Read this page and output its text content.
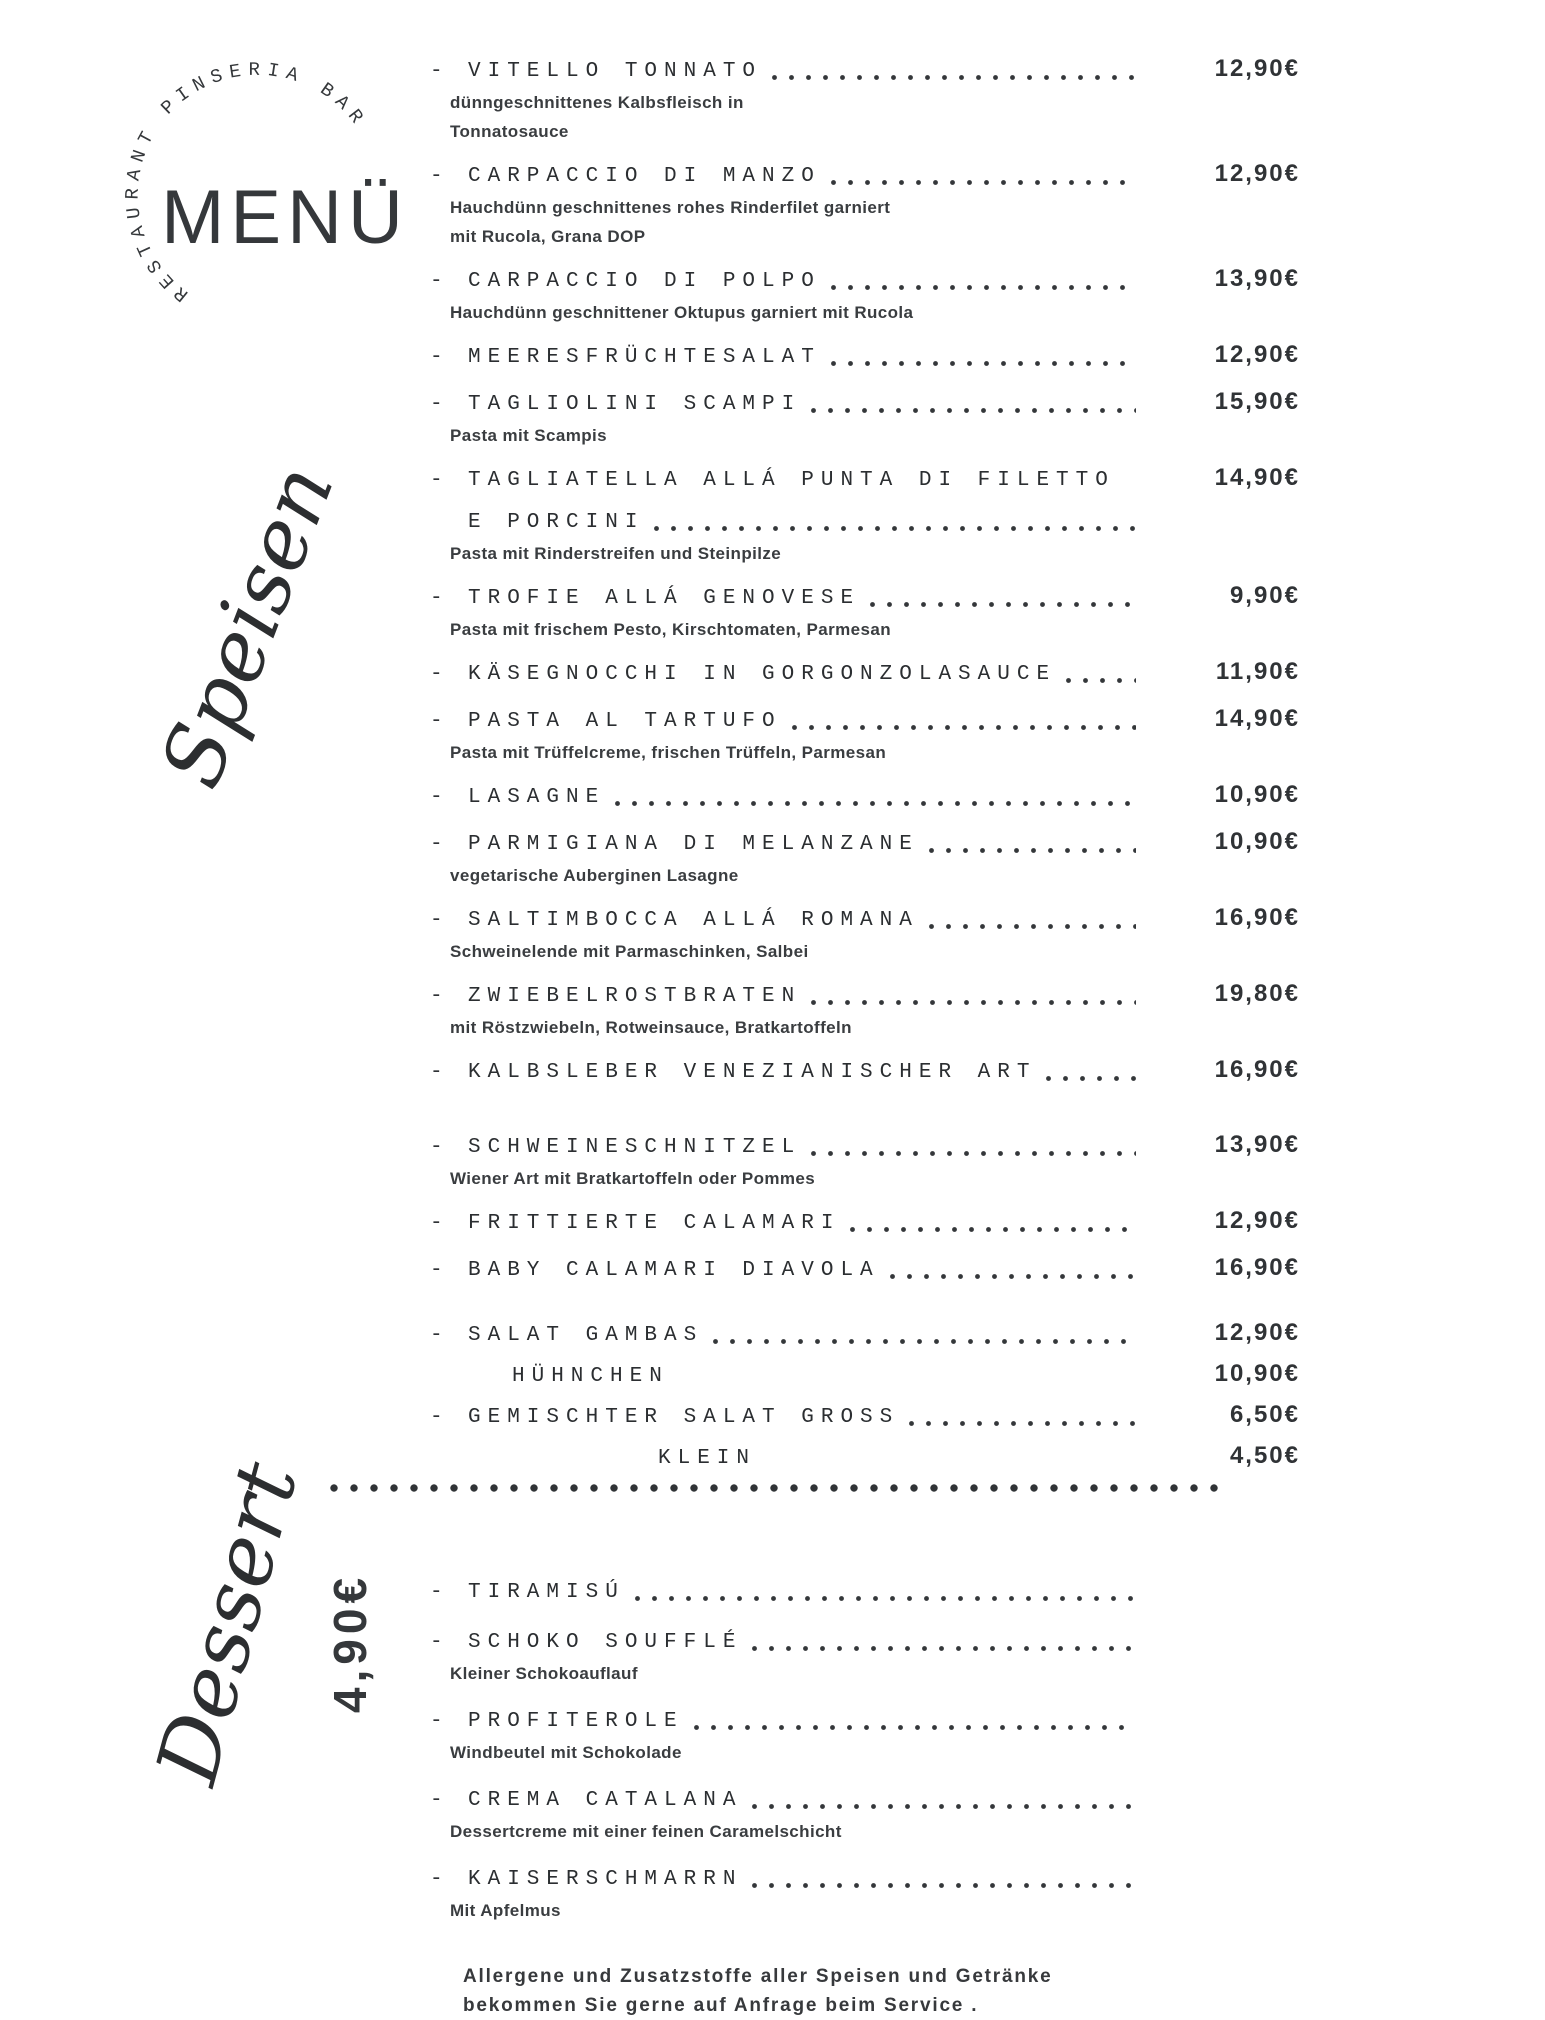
RESTAURANT PINSERIA BAR
MENÜ
Speisen
Dessert 4,90€
-	VITELLO TONNATO	12,90€
dünngeschnittenes Kalbsfleisch in
Tonnatosauce
-	CARPACCIO DI MANZO	12,90€
Hauchdünn geschnittenes rohes Rinderfilet garniert
mit Rucola, Grana DOP
-	CARPACCIO DI POLPO	13,90€
Hauchdünn geschnittener Oktupus garniert mit Rucola
-	MEERESFRÜCHTESALAT	12,90€
-	TAGLIOLINI SCAMPI	15,90€
Pasta mit Scampis
-	TAGLIATELLA ALLÁ PUNTA DI FILETTO	14,90€
E PORCINI
Pasta mit Rinderstreifen und Steinpilze
-	TROFIE ALLÁ GENOVESE	9,90€
Pasta mit frischem Pesto, Kirschtomaten, Parmesan
-	KÄSEGNOCCHI IN GORGONZOLASAUCE	11,90€
-	PASTA AL TARTUFO	14,90€
Pasta mit Trüffelcreme, frischen Trüffeln, Parmesan
-	LASAGNE	10,90€
-	PARMIGIANA DI MELANZANE	10,90€
vegetarische Auberginen Lasagne
-	SALTIMBOCCA ALLÁ ROMANA	16,90€
Schweinelende mit Parmaschinken, Salbei
-	ZWIEBELROSTBRATEN	19,80€
mit Röstzwiebeln, Rotweinsauce, Bratkartoffeln
-	KALBSLEBER VENEZIANISCHER ART	16,90€
-	SCHWEINESCHNITZEL	13,90€
Wiener Art mit Bratkartoffeln oder Pommes
-	FRITTIERTE CALAMARI	12,90€
-	BABY CALAMARI DIAVOLA	16,90€
-	SALAT GAMBAS	12,90€
HÜHNCHEN	10,90€
-	GEMISCHTER SALAT GROSS	6,50€
KLEIN	4,50€
-	TIRAMISÚ
-	SCHOKO SOUFFLÉ
Kleiner Schokoauflauf
-	PROFITEROLE
Windbeutel mit Schokolade
-	CREMA CATALANA
Dessertcreme mit einer feinen Caramelschicht
-	KAISERSCHMARRN
Mit Apfelmus
Allergene und Zusatzstoffe aller Speisen und Getränke
bekommen Sie gerne auf Anfrage beim Service .
